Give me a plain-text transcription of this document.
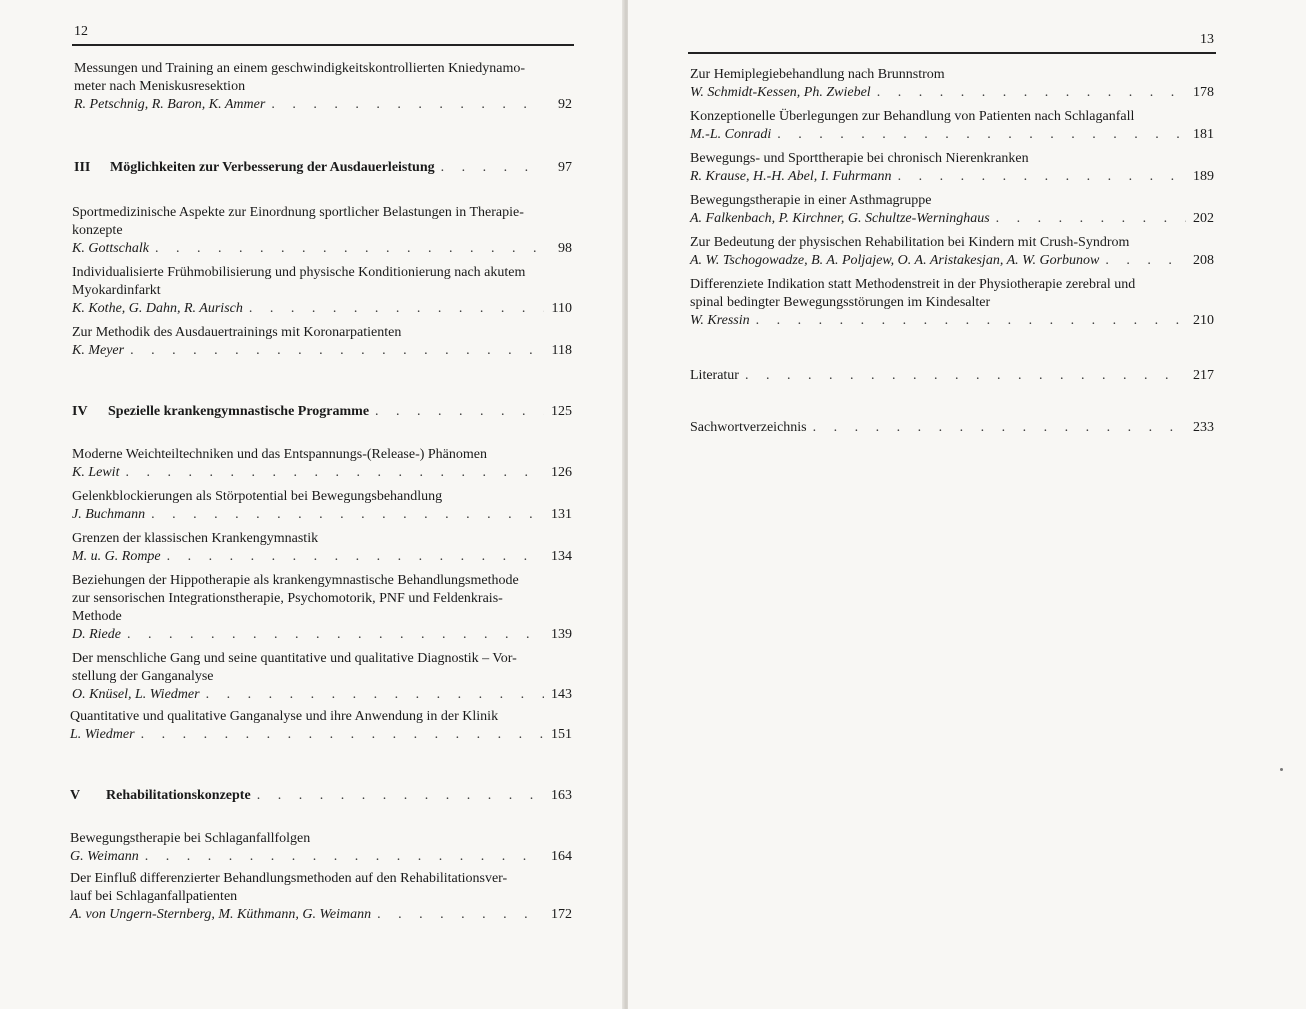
12
Messungen und Training an einem geschwindigkeitskontrollierten Kniedynamo-
meter nach Meniskusresektion
R. Petschnig, R. Baron, K. Ammer . . .	92
III	Möglichkeiten zur Verbesserung der Ausdauerleistung . . .	97
Sportmedizinische Aspekte zur Einordnung sportlicher Belastungen in Therapie-
konzepte
K. Gottschalk . . .	98
Individualisierte Frühmobilisierung und physische Konditionierung nach akutem
Myokardinfarkt
K. Kothe, G. Dahn, R. Aurisch . . .	110
Zur Methodik des Ausdauertrainings mit Koronarpatienten
K. Meyer . . .	118
IV	Spezielle krankengymnastische Programme . . .	125
Moderne Weichteiltechniken und das Entspannungs-(Release-) Phänomen
K. Lewit . . .	126
Gelenkblockierungen als Störpotential bei Bewegungsbehandlung
J. Buchmann . . .	131
Grenzen der klassischen Krankengymnastik
M. u. G. Rompe . . .	134
Beziehungen der Hippotherapie als krankengymnastische Behandlungsmethode
zur sensorischen Integrationstherapie, Psychomotorik, PNF und Feldenkrais-
Methode
D. Riede . . .	139
Der menschliche Gang und seine quantitative und qualitative Diagnostik – Vor-
stellung der Ganganalyse
O. Knüsel, L. Wiedmer . . .	143
Quantitative und qualitative Ganganalyse und ihre Anwendung in der Klinik
L. Wiedmer . . .	151
V	Rehabilitationskonzepte . . .	163
Bewegungstherapie bei Schlaganfallfolgen
G. Weimann . . .	164
Der Einfluß differenzierter Behandlungsmethoden auf den Rehabilitationsver-
lauf bei Schlaganfallpatienten
A. von Ungern-Sternberg, M. Küthmann, G. Weimann . . .	172
13
Zur Hemiplegiebehandlung nach Brunnstrom
W. Schmidt-Kessen, Ph. Zwiebel . . .	178
Konzeptionelle Überlegungen zur Behandlung von Patienten nach Schlaganfall
M.-L. Conradi . . .	181
Bewegungs- und Sporttherapie bei chronisch Nierenkranken
R. Krause, H.-H. Abel, I. Fuhrmann . . .	189
Bewegungstherapie in einer Asthmagruppe
A. Falkenbach, P. Kirchner, G. Schultze-Werninghaus . . .	202
Zur Bedeutung der physischen Rehabilitation bei Kindern mit Crush-Syndrom
A. W. Tschogowadze, B. A. Poljajew, O. A. Aristakesjan, A. W. Gorbunow . . .	208
Differenziete Indikation statt Methodenstreit in der Physiotherapie zerebral und
spinal bedingter Bewegungsstörungen im Kindesalter
W. Kressin . . .	210
Literatur . . .	217
Sachwortverzeichnis . . .	233
